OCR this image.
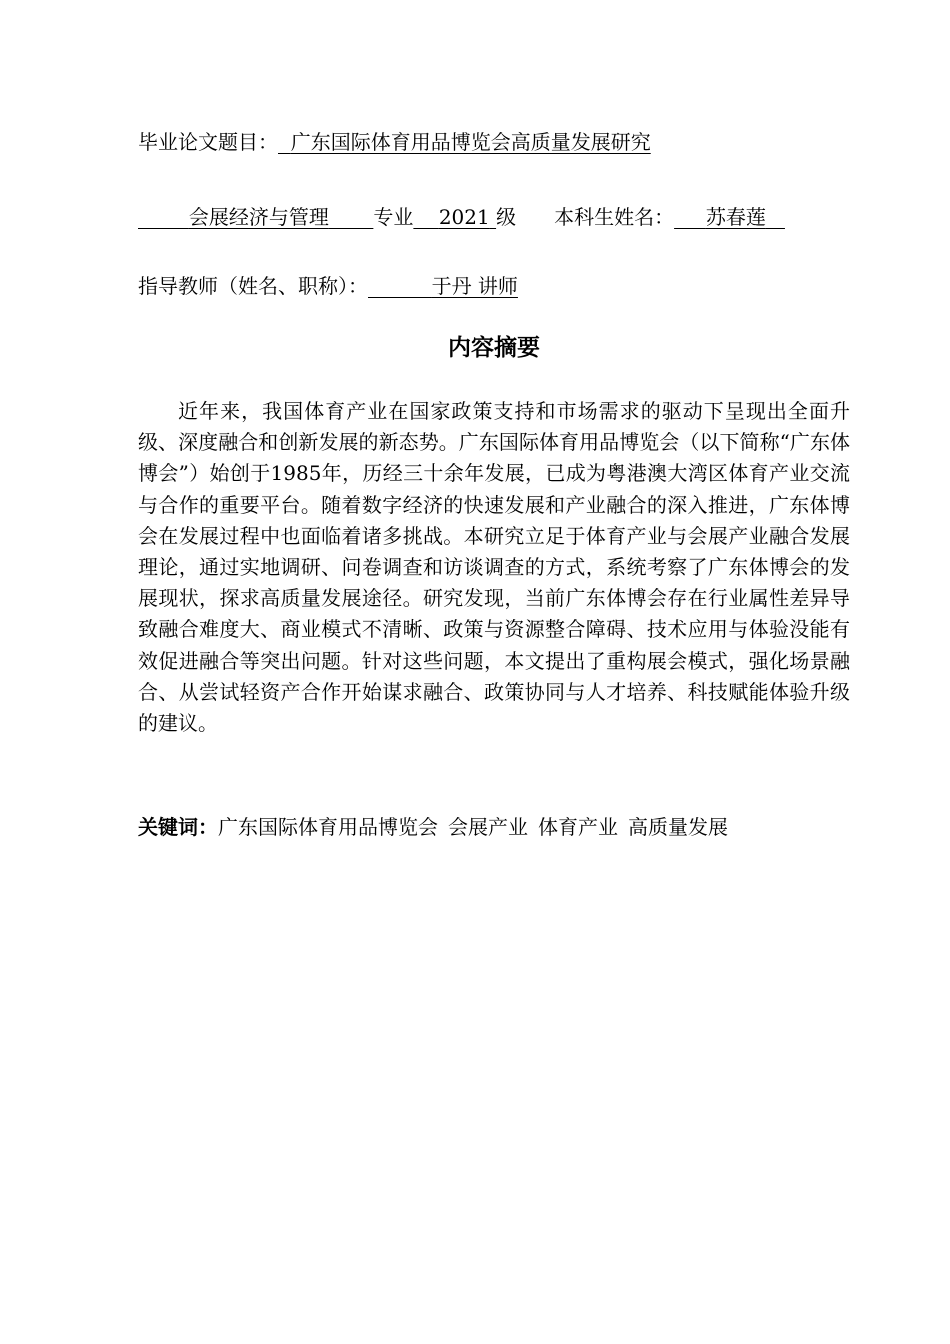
毕业论文题目： 广东国际体育用品博览会高质量发展研究
会展经济与管理 专业 2021 级 本科生姓名： 苏春莲
指导教师（姓名、职称）：	于丹 讲师
内容摘要

近年来，我国体育产业在国家政策支持和市场需求的驱动下呈现出全面升级、深度融合和创新发展的新态势。广东国际体育用品博览会（以下简称“广东体博会”）始创于1985年，历经三十余年发展，已成为粤港澳大湾区体育产业交流与合作的重要平台。随着数字经济的快速发展和产业融合的深入推进，广东体博会在发展过程中也面临着诸多挑战。本研究立足于体育产业与会展产业融合发展理论，通过实地调研、问卷调查和访谈调查的方式，系统考察了广东体博会的发展现状，探求高质量发展途径。研究发现，当前广东体博会存在行业属性差异导致融合难度大、商业模式不清晰、政策与资源整合障碍、技术应用与体验没能有效促进融合等突出问题。针对这些问题，本文提出了重构展会模式，强化场景融合、从尝试轻资产合作开始谋求融合、政策协同与人才培养、科技赋能体验升级的建议。

关键词：广东国际体育用品博览会 会展产业 体育产业 高质量发展
